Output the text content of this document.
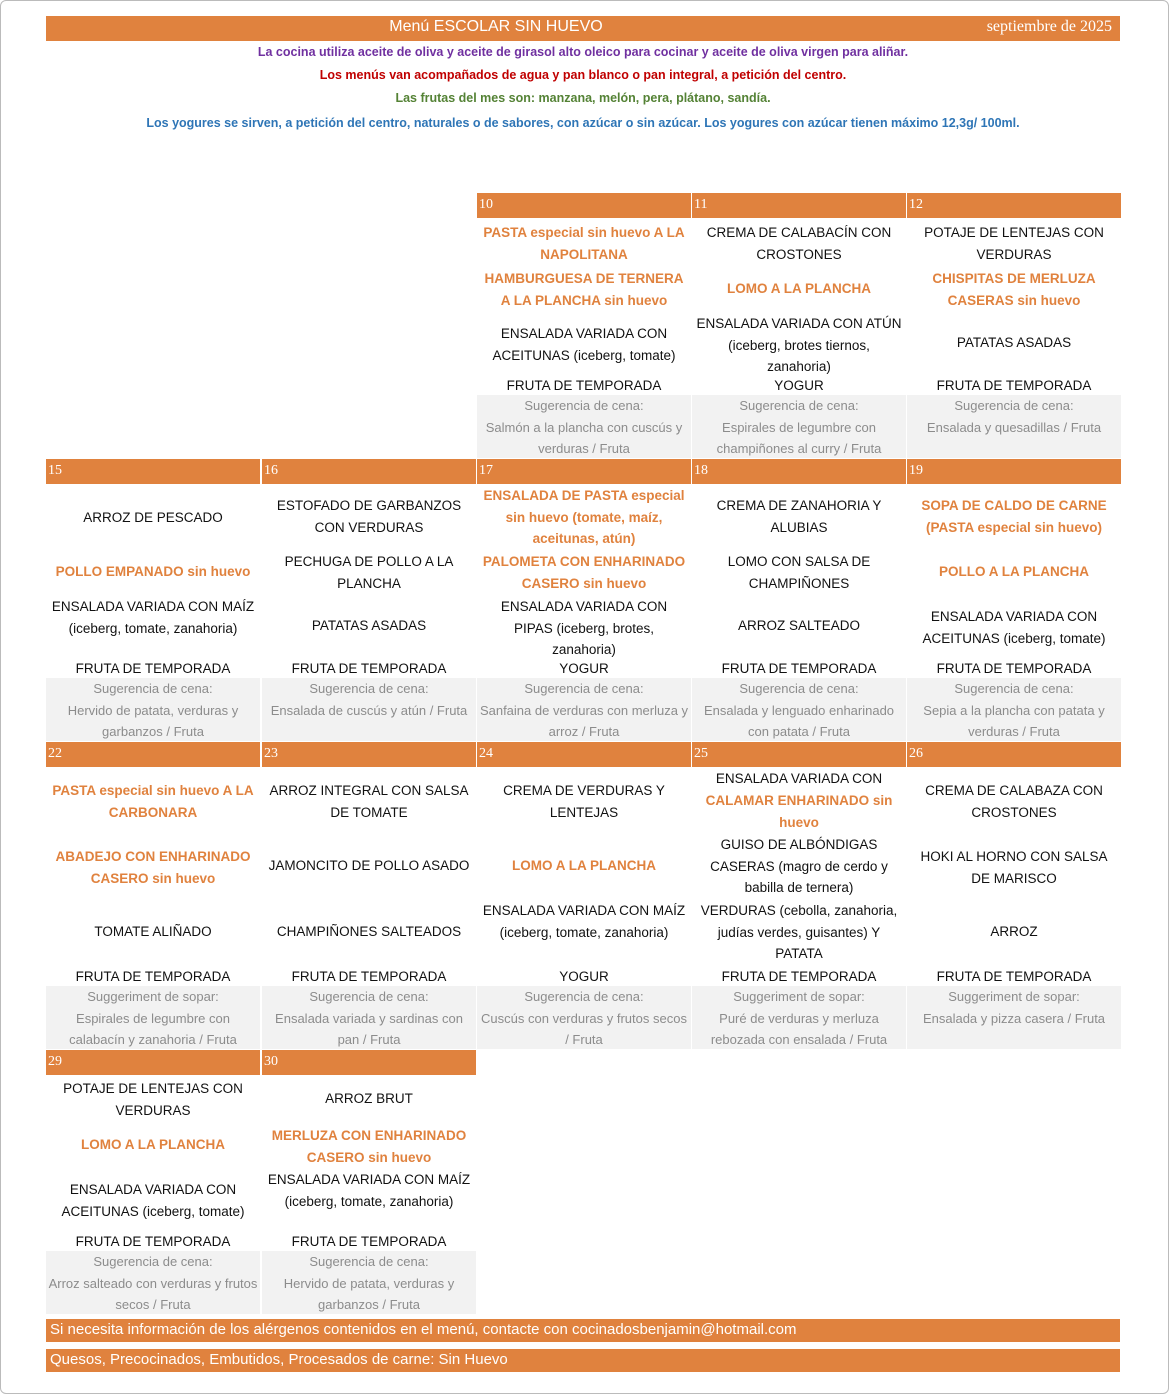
Menú ESCOLAR SIN HUEVO	septiembre de 2025
La cocina utiliza aceite de oliva y aceite de girasol alto oleico para cocinar y aceite de oliva virgen para aliñar.
Los menús van acompañados de agua y pan blanco o pan integral, a petición del centro.
Las frutas del mes son: manzana, melón, pera, plátano, sandía.
Los yogures se sirven, a petición del centro, naturales o de sabores, con azúcar o sin azúcar. Los yogures con azúcar tienen máximo 12,3g/ 100ml.
10
PASTA especial sin huevo A LA NAPOLITANA
HAMBURGUESA DE TERNERA A LA PLANCHA sin huevo
ENSALADA VARIADA CON ACEITUNAS (iceberg, tomate)
FRUTA DE TEMPORADA
Sugerencia de cena:
Salmón a la plancha con cuscús y verduras / Fruta
11
CREMA DE CALABACÍN CON CROSTONES
LOMO A LA PLANCHA
ENSALADA VARIADA CON ATÚN (iceberg, brotes tiernos, zanahoria)
YOGUR
Sugerencia de cena:
Espirales de legumbre con champiñones al curry / Fruta
12
POTAJE DE LENTEJAS CON VERDURAS
CHISPITAS DE MERLUZA CASERAS sin huevo
PATATAS ASADAS
FRUTA DE TEMPORADA
Sugerencia de cena:
Ensalada y quesadillas / Fruta
15
ARROZ DE PESCADO
POLLO EMPANADO sin huevo
ENSALADA VARIADA CON MAÍZ (iceberg, tomate, zanahoria)
FRUTA DE TEMPORADA
Sugerencia de cena:
Hervido de patata, verduras y garbanzos / Fruta
16
ESTOFADO DE GARBANZOS CON VERDURAS
PECHUGA DE POLLO A LA PLANCHA
PATATAS ASADAS
FRUTA DE TEMPORADA
Sugerencia de cena:
Ensalada de cuscús y atún / Fruta
17
ENSALADA DE PASTA especial sin huevo (tomate, maíz, aceitunas, atún)
PALOMETA CON ENHARINADO CASERO sin huevo
ENSALADA VARIADA CON PIPAS (iceberg, brotes, zanahoria)
YOGUR
Sugerencia de cena:
Sanfaina de verduras con merluza y arroz / Fruta
18
CREMA DE ZANAHORIA Y ALUBIAS
LOMO CON SALSA DE CHAMPIÑONES
ARROZ SALTEADO
FRUTA DE TEMPORADA
Sugerencia de cena:
Ensalada y lenguado enharinado con patata / Fruta
19
SOPA DE CALDO DE CARNE (PASTA especial sin huevo)
POLLO A LA PLANCHA
ENSALADA VARIADA CON ACEITUNAS (iceberg, tomate)
FRUTA DE TEMPORADA
Sugerencia de cena:
Sepia a la plancha con patata y verduras / Fruta
22
PASTA especial sin huevo A LA CARBONARA
ABADEJO CON ENHARINADO CASERO sin huevo
TOMATE ALIÑADO
FRUTA DE TEMPORADA
Suggeriment de sopar:
Espirales de legumbre con calabacín y zanahoria / Fruta
23
ARROZ INTEGRAL CON SALSA DE TOMATE
JAMONCITO DE POLLO ASADO
CHAMPIÑONES SALTEADOS
FRUTA DE TEMPORADA
Sugerencia de cena:
Ensalada variada y sardinas con pan / Fruta
24
CREMA DE VERDURAS Y LENTEJAS
LOMO A LA PLANCHA
ENSALADA VARIADA CON MAÍZ (iceberg, tomate, zanahoria)
YOGUR
Sugerencia de cena:
Cuscús con verduras y frutos secos / Fruta
25
ENSALADA VARIADA CON
CALAMAR ENHARINADO sin huevo
GUISO DE ALBÓNDIGAS CASERAS (magro de cerdo y babilla de ternera)
VERDURAS (cebolla, zanahoria, judías verdes, guisantes) Y PATATA
FRUTA DE TEMPORADA
Suggeriment de sopar:
Puré de verduras y merluza rebozada con ensalada / Fruta
26
CREMA DE CALABAZA CON CROSTONES
HOKI AL HORNO CON SALSA DE MARISCO
ARROZ
FRUTA DE TEMPORADA
Suggeriment de sopar:
Ensalada y pizza casera / Fruta
29
POTAJE DE LENTEJAS CON VERDURAS
LOMO A LA PLANCHA
ENSALADA VARIADA CON ACEITUNAS (iceberg, tomate)
FRUTA DE TEMPORADA
Sugerencia de cena:
Arroz salteado con verduras y frutos secos / Fruta
30
ARROZ BRUT
MERLUZA CON ENHARINADO CASERO sin huevo
ENSALADA VARIADA CON MAÍZ (iceberg, tomate, zanahoria)
FRUTA DE TEMPORADA
Sugerencia de cena:
Hervido de patata, verduras y garbanzos / Fruta
Si necesita información de los alérgenos contenidos en el menú, contacte con cocinadosbenjamin@hotmail.com
Quesos, Precocinados, Embutidos, Procesados de carne: Sin Huevo
